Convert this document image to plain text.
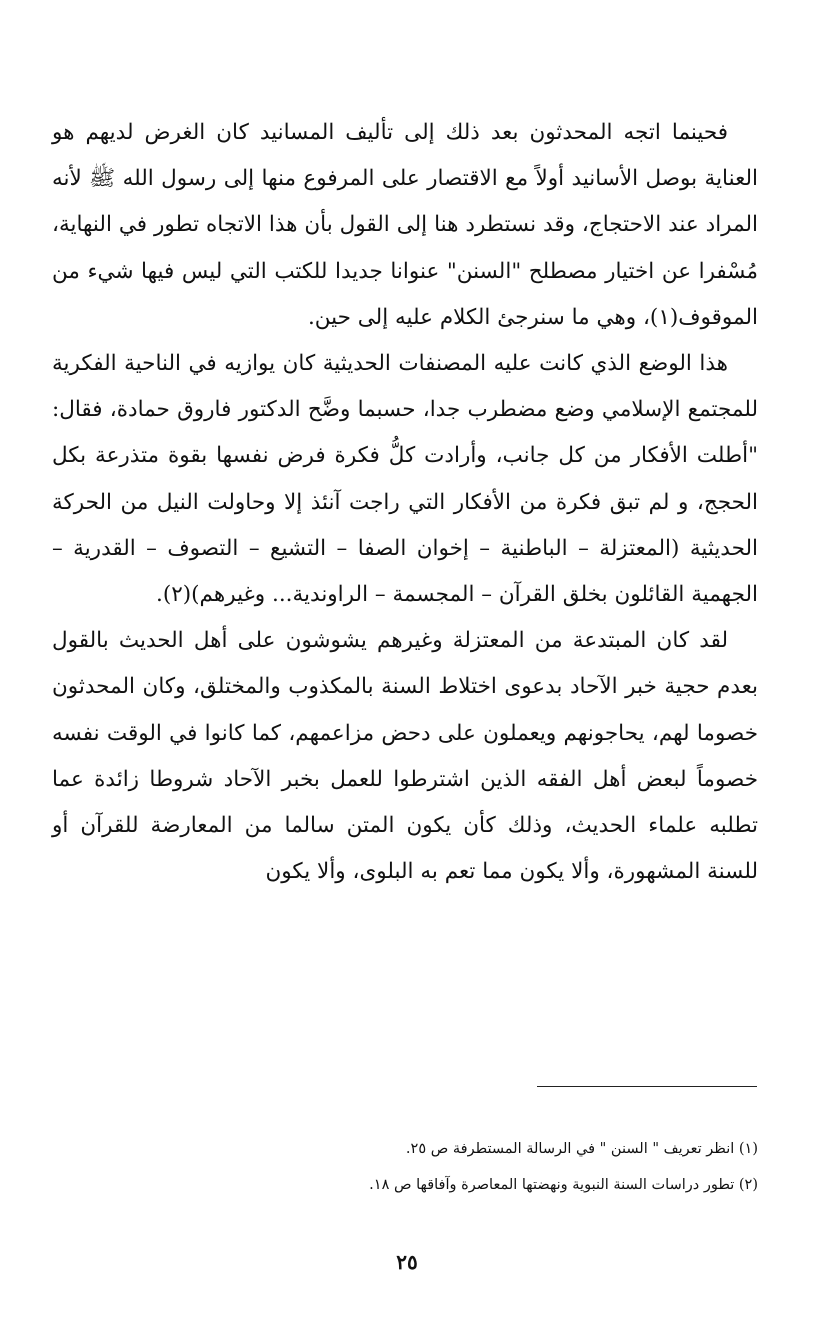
فحينما اتجه المحدثون بعد ذلك إلى تأليف المسانيد كان الغرض لديهم هو العناية بوصل الأسانيد أولاً مع الاقتصار على المرفوع منها إلى رسول الله ﷺ لأنه المراد عند الاحتجاج، وقد نستطرد هنا إلى القول بأن هذا الاتجاه تطور في النهاية، مُسْفرا عن اختيار مصطلح "السنن" عنوانا جديدا للكتب التي ليس فيها شيء من الموقوف(١)، وهي ما سنرجئ الكلام عليه إلى حين.

هذا الوضع الذي كانت عليه المصنفات الحديثية كان يوازيه في الناحية الفكرية للمجتمع الإسلامي وضع مضطرب جدا، حسبما وضَّح الدكتور فاروق حمادة، فقال: "أطلت الأفكار من كل جانب، وأرادت كلُّ فكرة فرض نفسها بقوة متذرعة بكل الحجج، و لم تبق فكرة من الأفكار التي راجت آنئذ إلا وحاولت النيل من الحركة الحديثية (المعتزلة – الباطنية – إخوان الصفا – التشيع – التصوف – القدرية – الجهمية القائلون بخلق القرآن – المجسمة – الراوندية... وغيرهم)(٢).

لقد كان المبتدعة من المعتزلة وغيرهم يشوشون على أهل الحديث بالقول بعدم حجية خبر الآحاد بدعوى اختلاط السنة بالمكذوب والمختلق، وكان المحدثون خصوما لهم، يحاجونهم ويعملون على دحض مزاعمهم، كما كانوا في الوقت نفسه خصوماً لبعض أهل الفقه الذين اشترطوا للعمل بخبر الآحاد شروطا زائدة عما تطلبه علماء الحديث، وذلك كأن يكون المتن سالما من المعارضة للقرآن أو للسنة المشهورة، وألا يكون مما تعم به البلوى، وألا يكون

(١) انظر تعريف " السنن " في الرسالة المستطرفة ص ٢٥.

(٢) تطور دراسات السنة النبوية ونهضتها المعاصرة وآفاقها ص ١٨.

٢٥
